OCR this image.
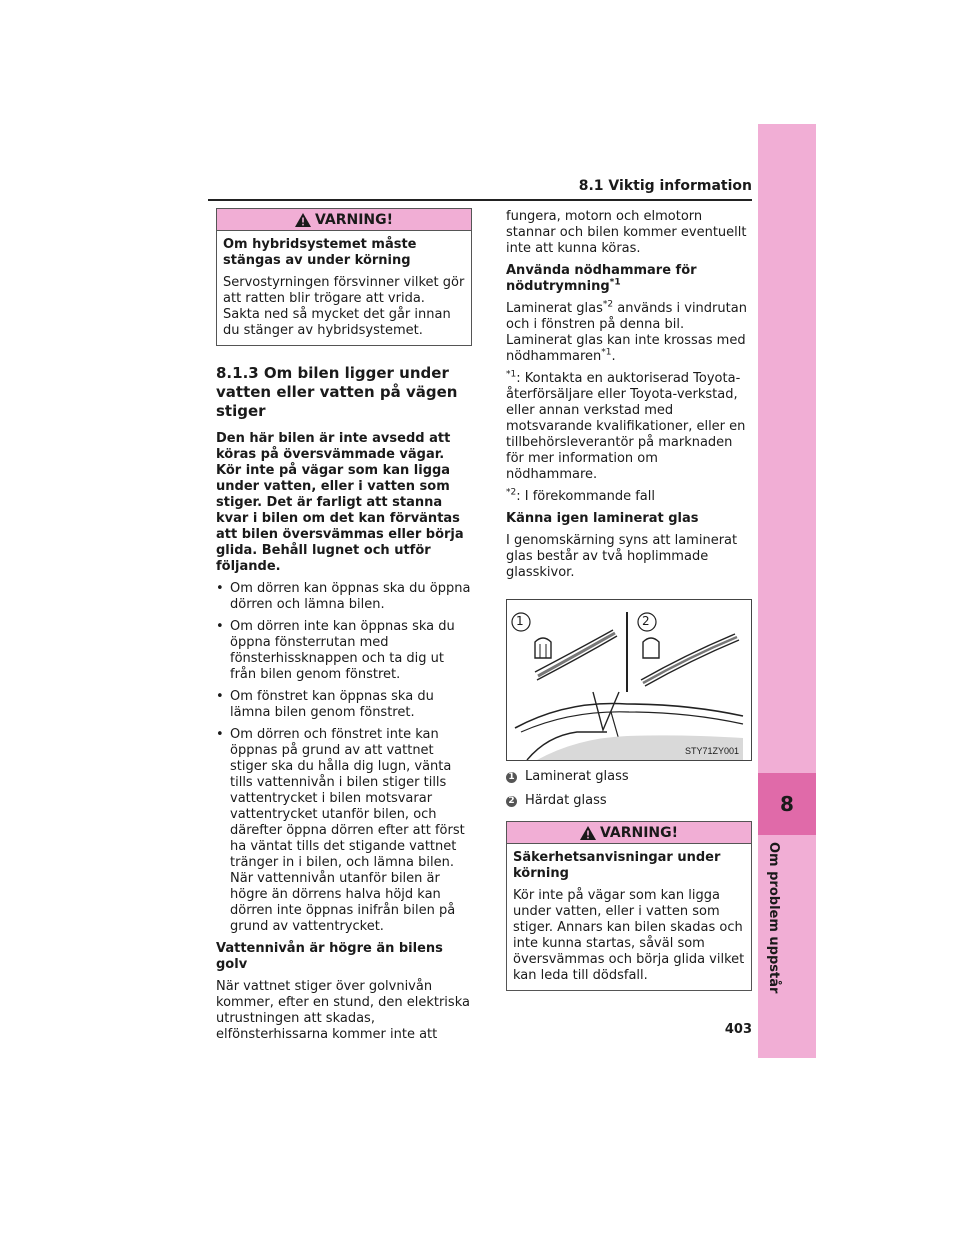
8.1 Viktig information
8
Om problem uppstår
403
VARNING!

Om hybridsystemet måste stängas av under körning

Servostyrningen försvinner vilket gör att ratten blir trögare att vrida. Sakta ned så mycket det går innan du stänger av hybridsystemet.

8.1.3 Om bilen ligger under vatten eller vatten på vägen stiger

Den här bilen är inte avsedd att köras på översvämmade vägar. Kör inte på vägar som kan ligga under vatten, eller i vatten som stiger. Det är farligt att stanna kvar i bilen om det kan förväntas att bilen översvämmas eller börja glida. Behåll lugnet och utför följande.

• Om dörren kan öppnas ska du öppna dörren och lämna bilen.
• Om dörren inte kan öppnas ska du öppna fönsterrutan med fönsterhissknappen och ta dig ut från bilen genom fönstret.
• Om fönstret kan öppnas ska du lämna bilen genom fönstret.
• Om dörren och fönstret inte kan öppnas på grund av att vattnet stiger ska du hålla dig lugn, vänta tills vattennivån i bilen stiger tills vattentrycket i bilen motsvarar vattentrycket utanför bilen, och därefter öppna dörren efter att först ha väntat tills det stigande vattnet tränger in i bilen, och lämna bilen. När vattennivån utanför bilen är högre än dörrens halva höjd kan dörren inte öppnas inifrån bilen på grund av vattentrycket.

Vattennivån är högre än bilens golv

När vattnet stiger över golvnivån kommer, efter en stund, den elektriska utrustningen att skadas, elfönsterhissarna kommer inte att

fungera, motorn och elmotorn stannar och bilen kommer eventuellt inte att kunna köras.

Använda nödhammare för nödutrymning$^{*1}$

Laminerat glas$^{*2}$ används i vindrutan och i fönstren på denna bil. Laminerat glas kan inte krossas med nödhammaren$^{*1}$.

$^{*1}$: Kontakta en auktoriserad Toyota-återförsäljare eller Toyota-verkstad, eller annan verkstad med motsvarande kvalifikationer, eller en tillbehörsleverantör på marknaden för mer information om nödhammare.

$^{*2}$: I förekommande fall

Känna igen laminerat glas

I genomskärning syns att laminerat glas består av två hoplimmade glasskivor.

1	2
STY71ZY001
1 Laminerat glass
2 Härdat glass
VARNING!

Säkerhetsanvisningar under körning

Kör inte på vägar som kan ligga under vatten, eller i vatten som stiger. Annars kan bilen skadas och inte kunna startas, såväl som översvämmas och börja glida vilket kan leda till dödsfall.
